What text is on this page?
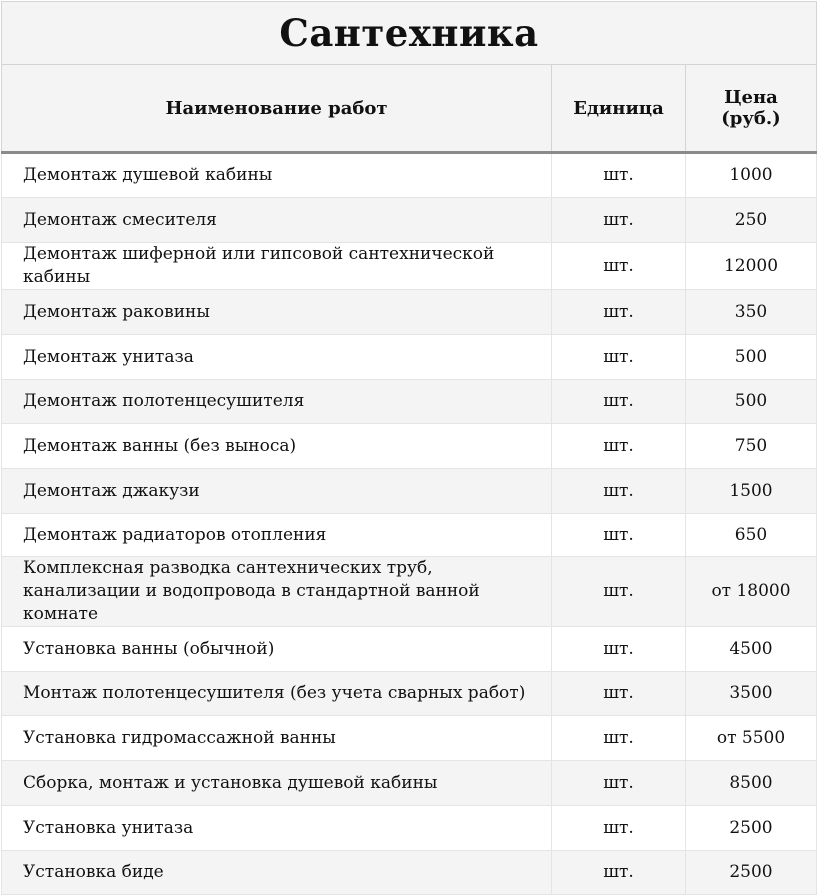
Сантехника		
Наименование работ	Единица	Цена (руб.)
Демонтаж душевой кабины	шт.	1000
Демонтаж смесителя	шт.	250
Демонтаж шиферной или гипсовой сантехнической кабины	шт.	12000
Демонтаж раковины	шт.	350
Демонтаж унитаза	шт.	500
Демонтаж полотенцесушителя	шт.	500
Демонтаж ванны (без выноса)	шт.	750
Демонтаж джакузи	шт.	1500
Демонтаж радиаторов отопления	шт.	650
Комплексная разводка сантехнических труб, канализации и водопровода в стандартной ванной комнате	шт.	от 18000
Установка ванны (обычной)	шт.	4500
Монтаж полотенцесушителя (без учета сварных работ)	шт.	3500
Установка гидромассажной ванны	шт.	от 5500
Сборка, монтаж и установка душевой кабины	шт.	8500
Установка унитаза	шт.	2500
Установка биде	шт.	2500
